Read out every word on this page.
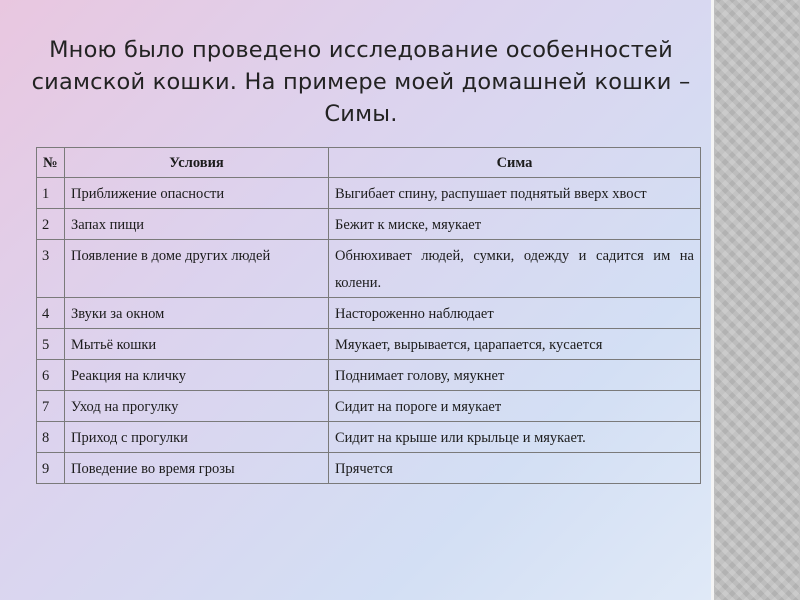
Мною было проведено исследование особенностей
сиамской кошки. На примере моей домашней кошки –
Симы.
№	Условия	Сима
1	Приближение опасности	Выгибает спину, распушает поднятый вверх хвост
2	Запах пищи	Бежит к миске, мяукает
3	Появление в доме других людей	Обнюхивает людей, сумки, одежду и садится им на колени.
4	Звуки за окном	Настороженно наблюдает
5	Мытьё кошки	Мяукает, вырывается, царапается, кусается
6	Реакция на кличку	Поднимает голову, мяукнет
7	Уход на прогулку	Сидит на пороге и мяукает
8	Приход с прогулки	Сидит на крыше или крыльце и мяукает.
9	Поведение во время грозы	Прячется
